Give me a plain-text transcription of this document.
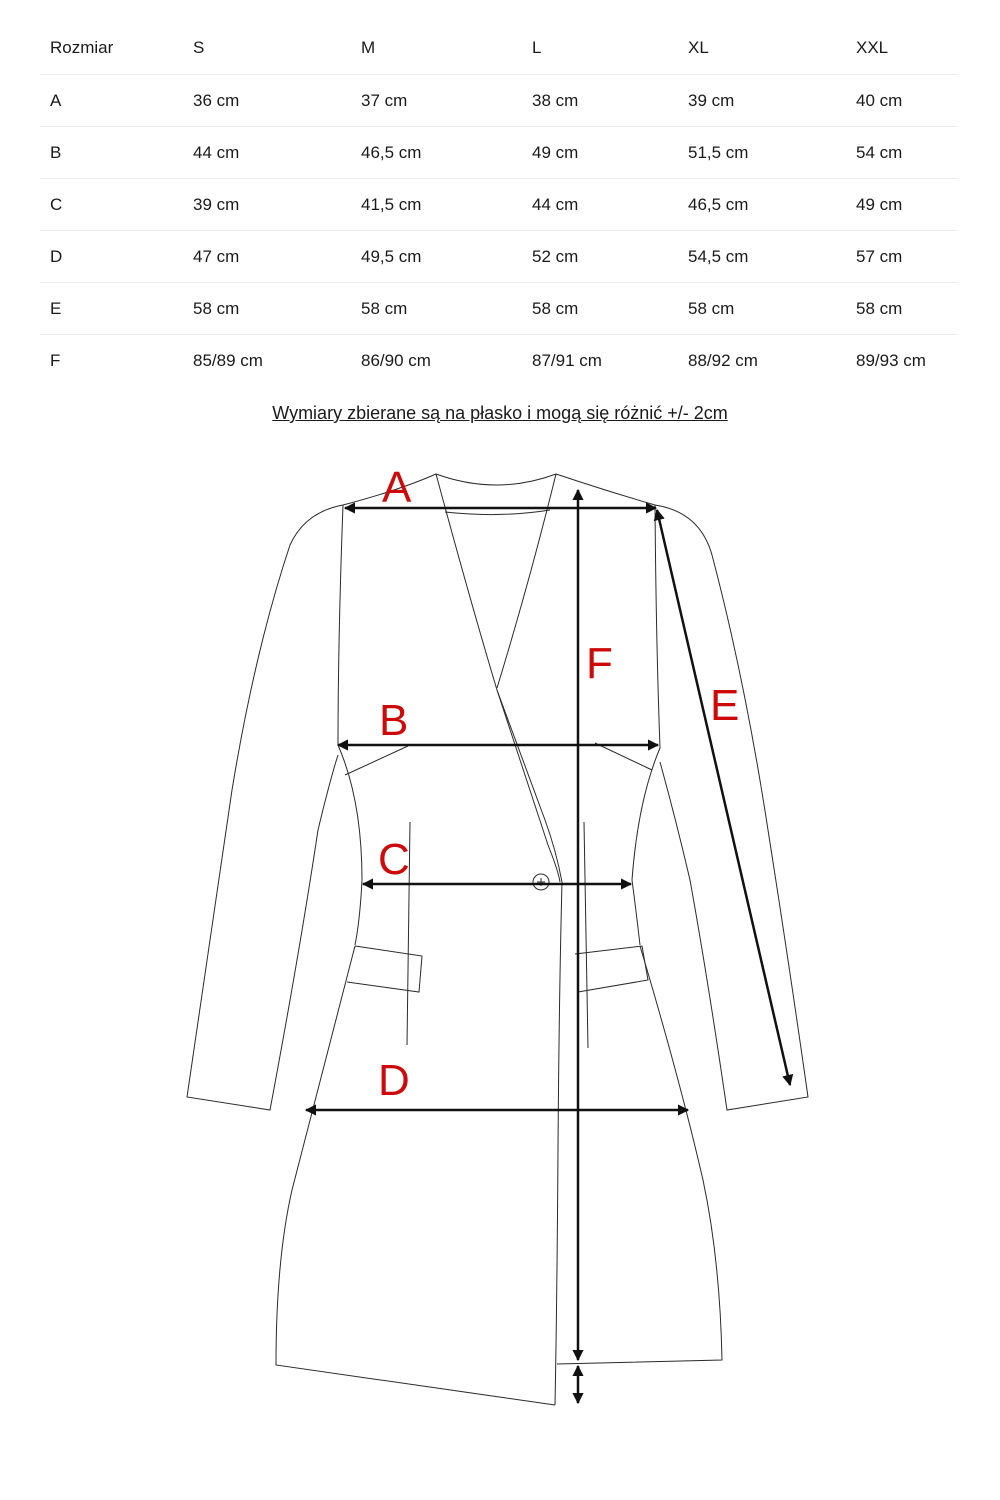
Rozmiar	S	M	L	XL	XXL
A	36 cm	37 cm	38 cm	39 cm	40 cm
B	44 cm	46,5 cm	49 cm	51,5 cm	54 cm
C	39 cm	41,5 cm	44 cm	46,5 cm	49 cm
D	47 cm	49,5 cm	52 cm	54,5 cm	57 cm
E	58 cm	58 cm	58 cm	58 cm	58 cm
F	85/89 cm	86/90 cm	87/91 cm	88/92 cm	89/93 cm
Wymiary zbierane są na płasko i mogą się różnić +/- 2cm
A
B
C
D
E
F
